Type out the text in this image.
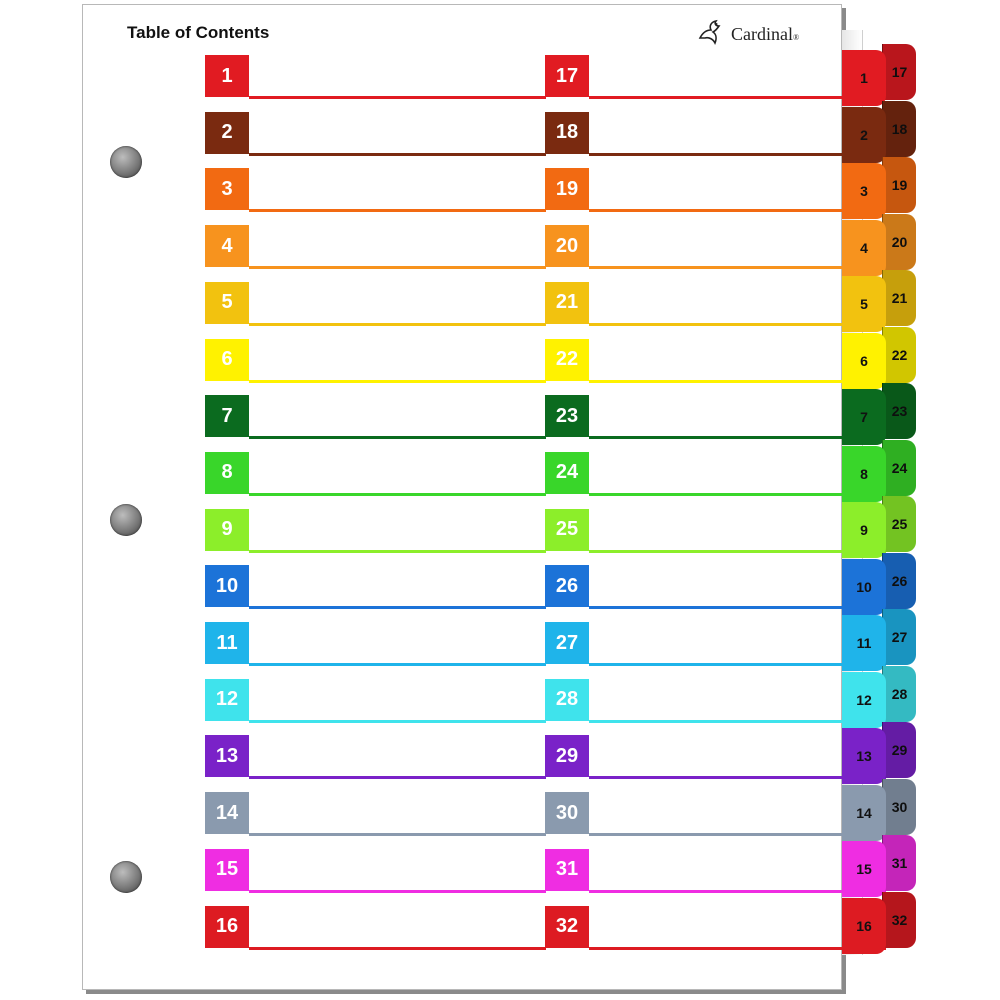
Table of Contents	Cardinal®
1
2
3
4
5
6
7
8
9
10
11
12
13
14
15
16
17
18
19
20
21
22
23
24
25
26
27
28
29
30
31
32
17
1
18
2
19
3
20
4
21
5
22
6
23
7
24
8
25
9
26
10
27
11
28
12
29
13
30
14
31
15
32
16
